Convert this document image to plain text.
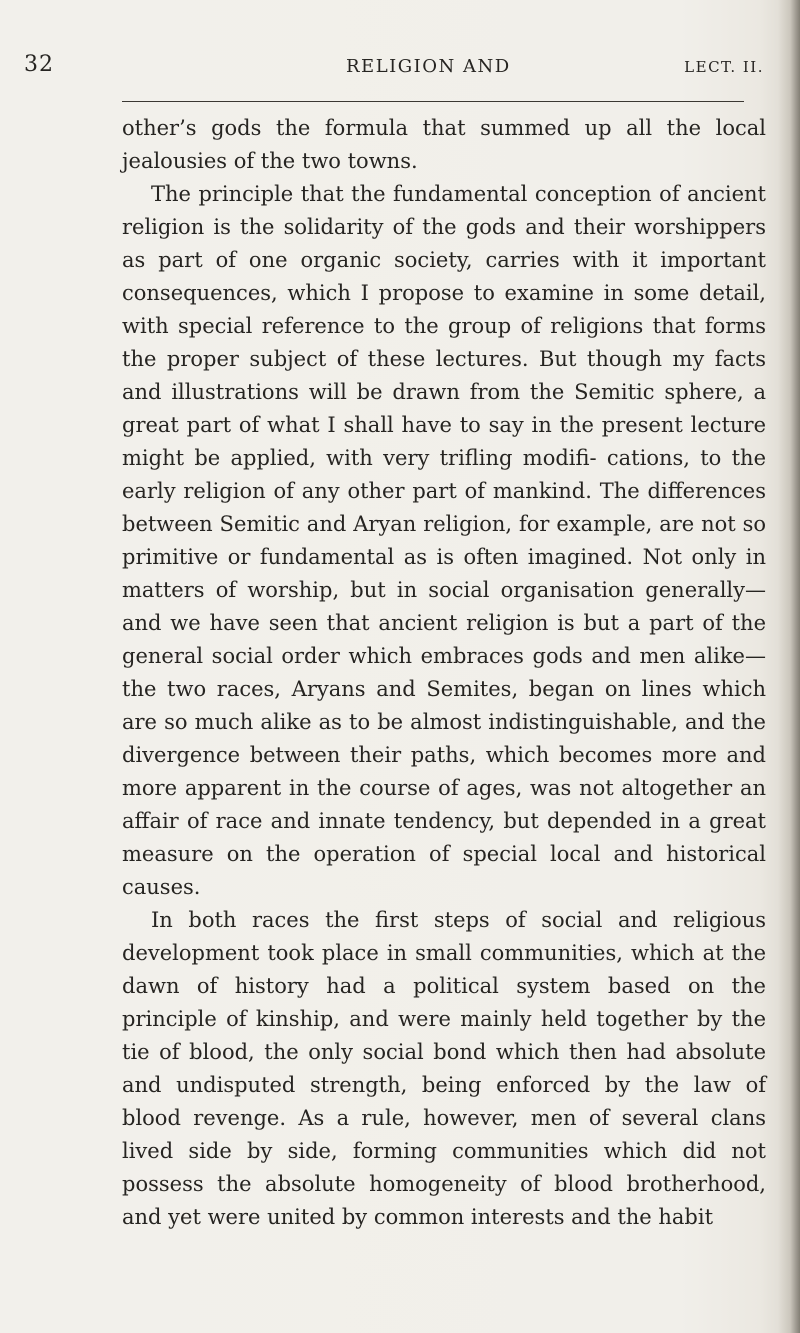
32	RELIGION AND	LECT. II.

other’s gods the formula that summed up all the local jealousies of the two towns.

The principle that the fundamental conception of ancient religion is the solidarity of the gods and their worshippers as part of one organic society, carries with it important consequences, which I propose to examine in some detail, with special reference to the group of religions that forms the proper subject of these lectures. But though my facts and illustrations will be drawn from the Semitic sphere, a great part of what I shall have to say in the present lecture might be applied, with very trifling modifi- cations, to the early religion of any other part of mankind. The differences between Semitic and Aryan religion, for example, are not so primitive or fundamental as is often imagined. Not only in matters of worship, but in social organisation generally—and we have seen that ancient religion is but a part of the general social order which embraces gods and men alike—the two races, Aryans and Semites, began on lines which are so much alike as to be almost indistinguishable, and the divergence between their paths, which becomes more and more apparent in the course of ages, was not altogether an affair of race and innate tendency, but depended in a great measure on the operation of special local and historical causes.

In both races the first steps of social and religious development took place in small communities, which at the dawn of history had a political system based on the principle of kinship, and were mainly held together by the tie of blood, the only social bond which then had absolute and undisputed strength, being enforced by the law of blood revenge. As a rule, however, men of several clans lived side by side, forming communities which did not possess the absolute homogeneity of blood brotherhood, and yet were united by common interests and the habit
